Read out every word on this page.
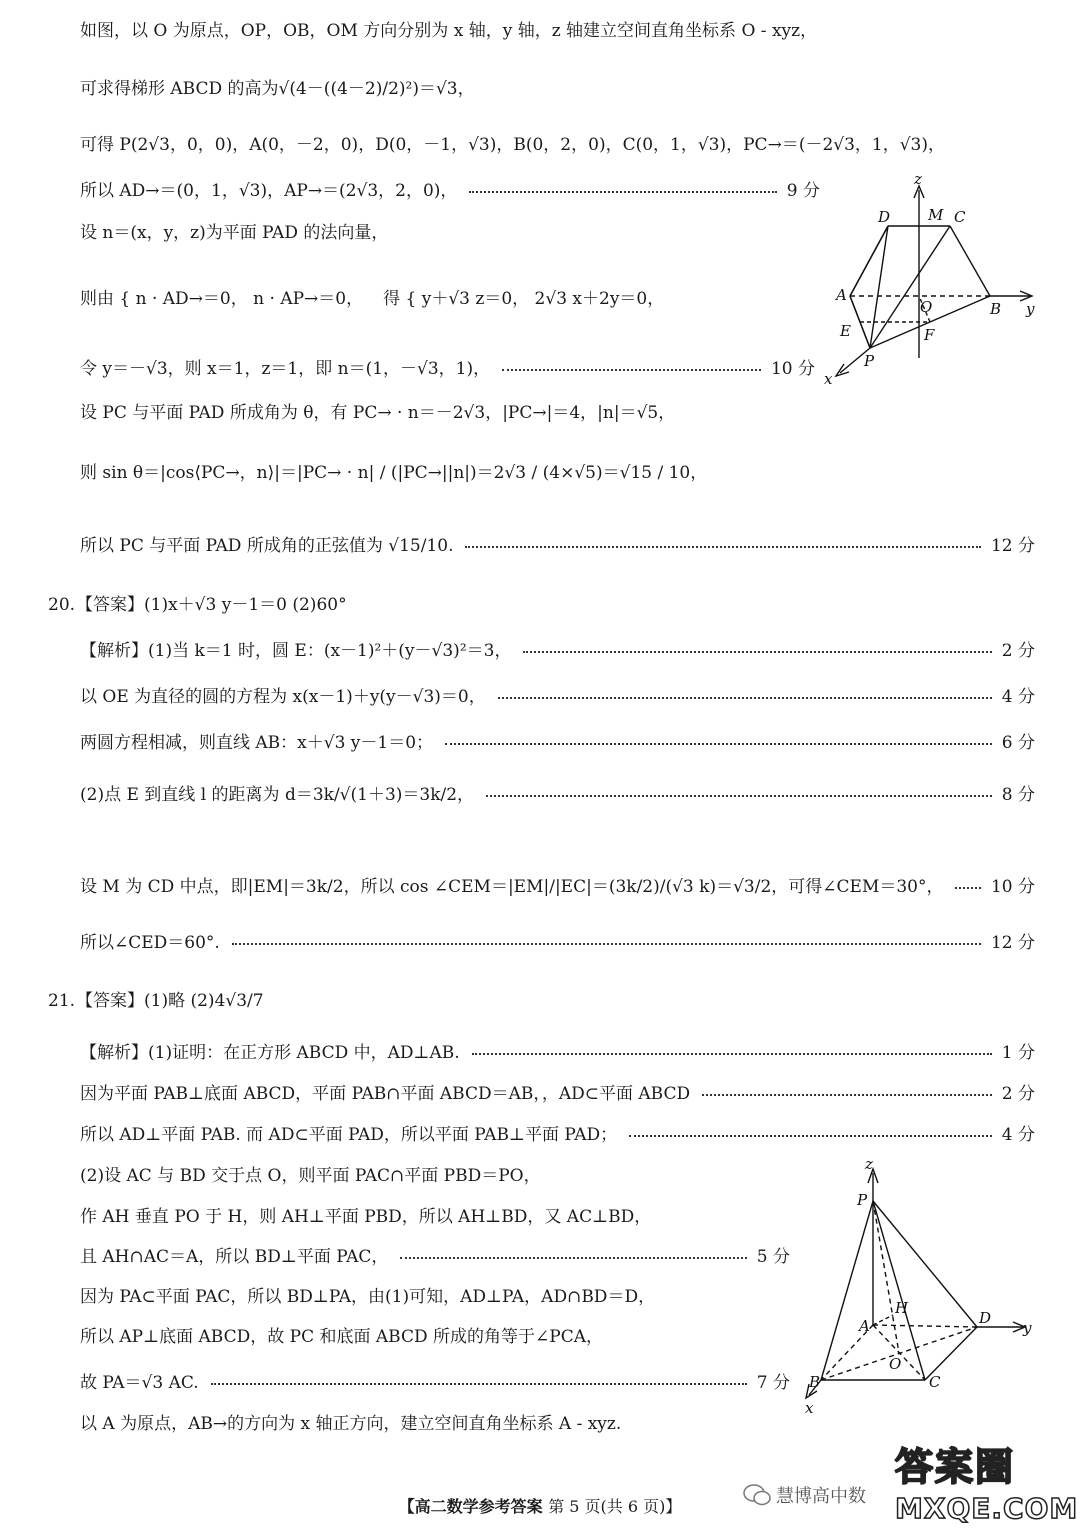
如图，以 O 为原点，OP，OB，OM 方向分别为 x 轴，y 轴，z 轴建立空间直角坐标系 O - xyz，
可求得梯形 ABCD 的高为√(4－((4－2)/2)²)＝√3，
可得 P(2√3，0，0)，A(0，－2，0)，D(0，－1，√3)，B(0，2，0)，C(0，1，√3)，PC→＝(－2√3，1，√3)，
所以 AD→＝(0，1，√3)，AP→＝(2√3，2，0)，	9 分
设 n＝(x，y，z)为平面 PAD 的法向量，
则由 { n · AD→＝0， n · AP→＝0， 得 { y＋√3 z＝0， 2√3 x＋2y＝0，
令 y＝－√3，则 x＝1，z＝1，即 n＝(1，－√3，1)，	10 分
设 PC 与平面 PAD 所成角为 θ，有 PC→ · n＝－2√3，|PC→|＝4，|n|＝√5，
则 sin θ＝|cos⟨PC→，n⟩|＝|PC→ · n| / (|PC→||n|)＝2√3 / (4×√5)＝√15 / 10，
所以 PC 与平面 PAD 所成角的正弦值为 √15/10.	12 分
z
D	M C
A
O	B y
E	F
P
x
20. 【答案】(1)x＋√3 y－1＝0 (2)60°
【解析】(1)当 k＝1 时，圆 E：(x－1)²＋(y－√3)²＝3，	2 分
以 OE 为直径的圆的方程为 x(x－1)＋y(y－√3)＝0，	4 分
两圆方程相减，则直线 AB：x＋√3 y－1＝0；	6 分
(2)点 E 到直线 l 的距离为 d＝3k/√(1＋3)＝3k/2，	8 分
设 M 为 CD 中点，即|EM|＝3k/2，所以 cos ∠CEM＝|EM|/|EC|＝(3k/2)/(√3 k)＝√3/2，可得∠CEM＝30°，	10 分
所以∠CED＝60°.	12 分
21. 【答案】(1)略 (2)4√3/7
【解析】(1)证明：在正方形 ABCD 中，AD⊥AB.	1 分
因为平面 PAB⊥底面 ABCD，平面 PAB∩平面 ABCD＝AB，，AD⊂平面 ABCD	2 分
所以 AD⊥平面 PAB. 而 AD⊂平面 PAD，所以平面 PAB⊥平面 PAD；	4 分
(2)设 AC 与 BD 交于点 O，则平面 PAC∩平面 PBD＝PO，
作 AH 垂直 PO 于 H，则 AH⊥平面 PBD，所以 AH⊥BD，又 AC⊥BD，
且 AH∩AC＝A，所以 BD⊥平面 PAC，	5 分
因为 PA⊂平面 PAC，所以 BD⊥PA，由(1)可知，AD⊥PA，AD∩BD＝D，
所以 AP⊥底面 ABCD，故 PC 和底面 ABCD 所成的角等于∠PCA，
故 PA＝√3 AC.	7 分
以 A 为原点，AB→的方向为 x 轴正方向，建立空间直角坐标系 A - xyz.
z
P
H
A	D
y
O
B	C
x
【高二数学参考答案 第 5 页(共 6 页)】	慧博高中数
答案圈
MXQE.COM
